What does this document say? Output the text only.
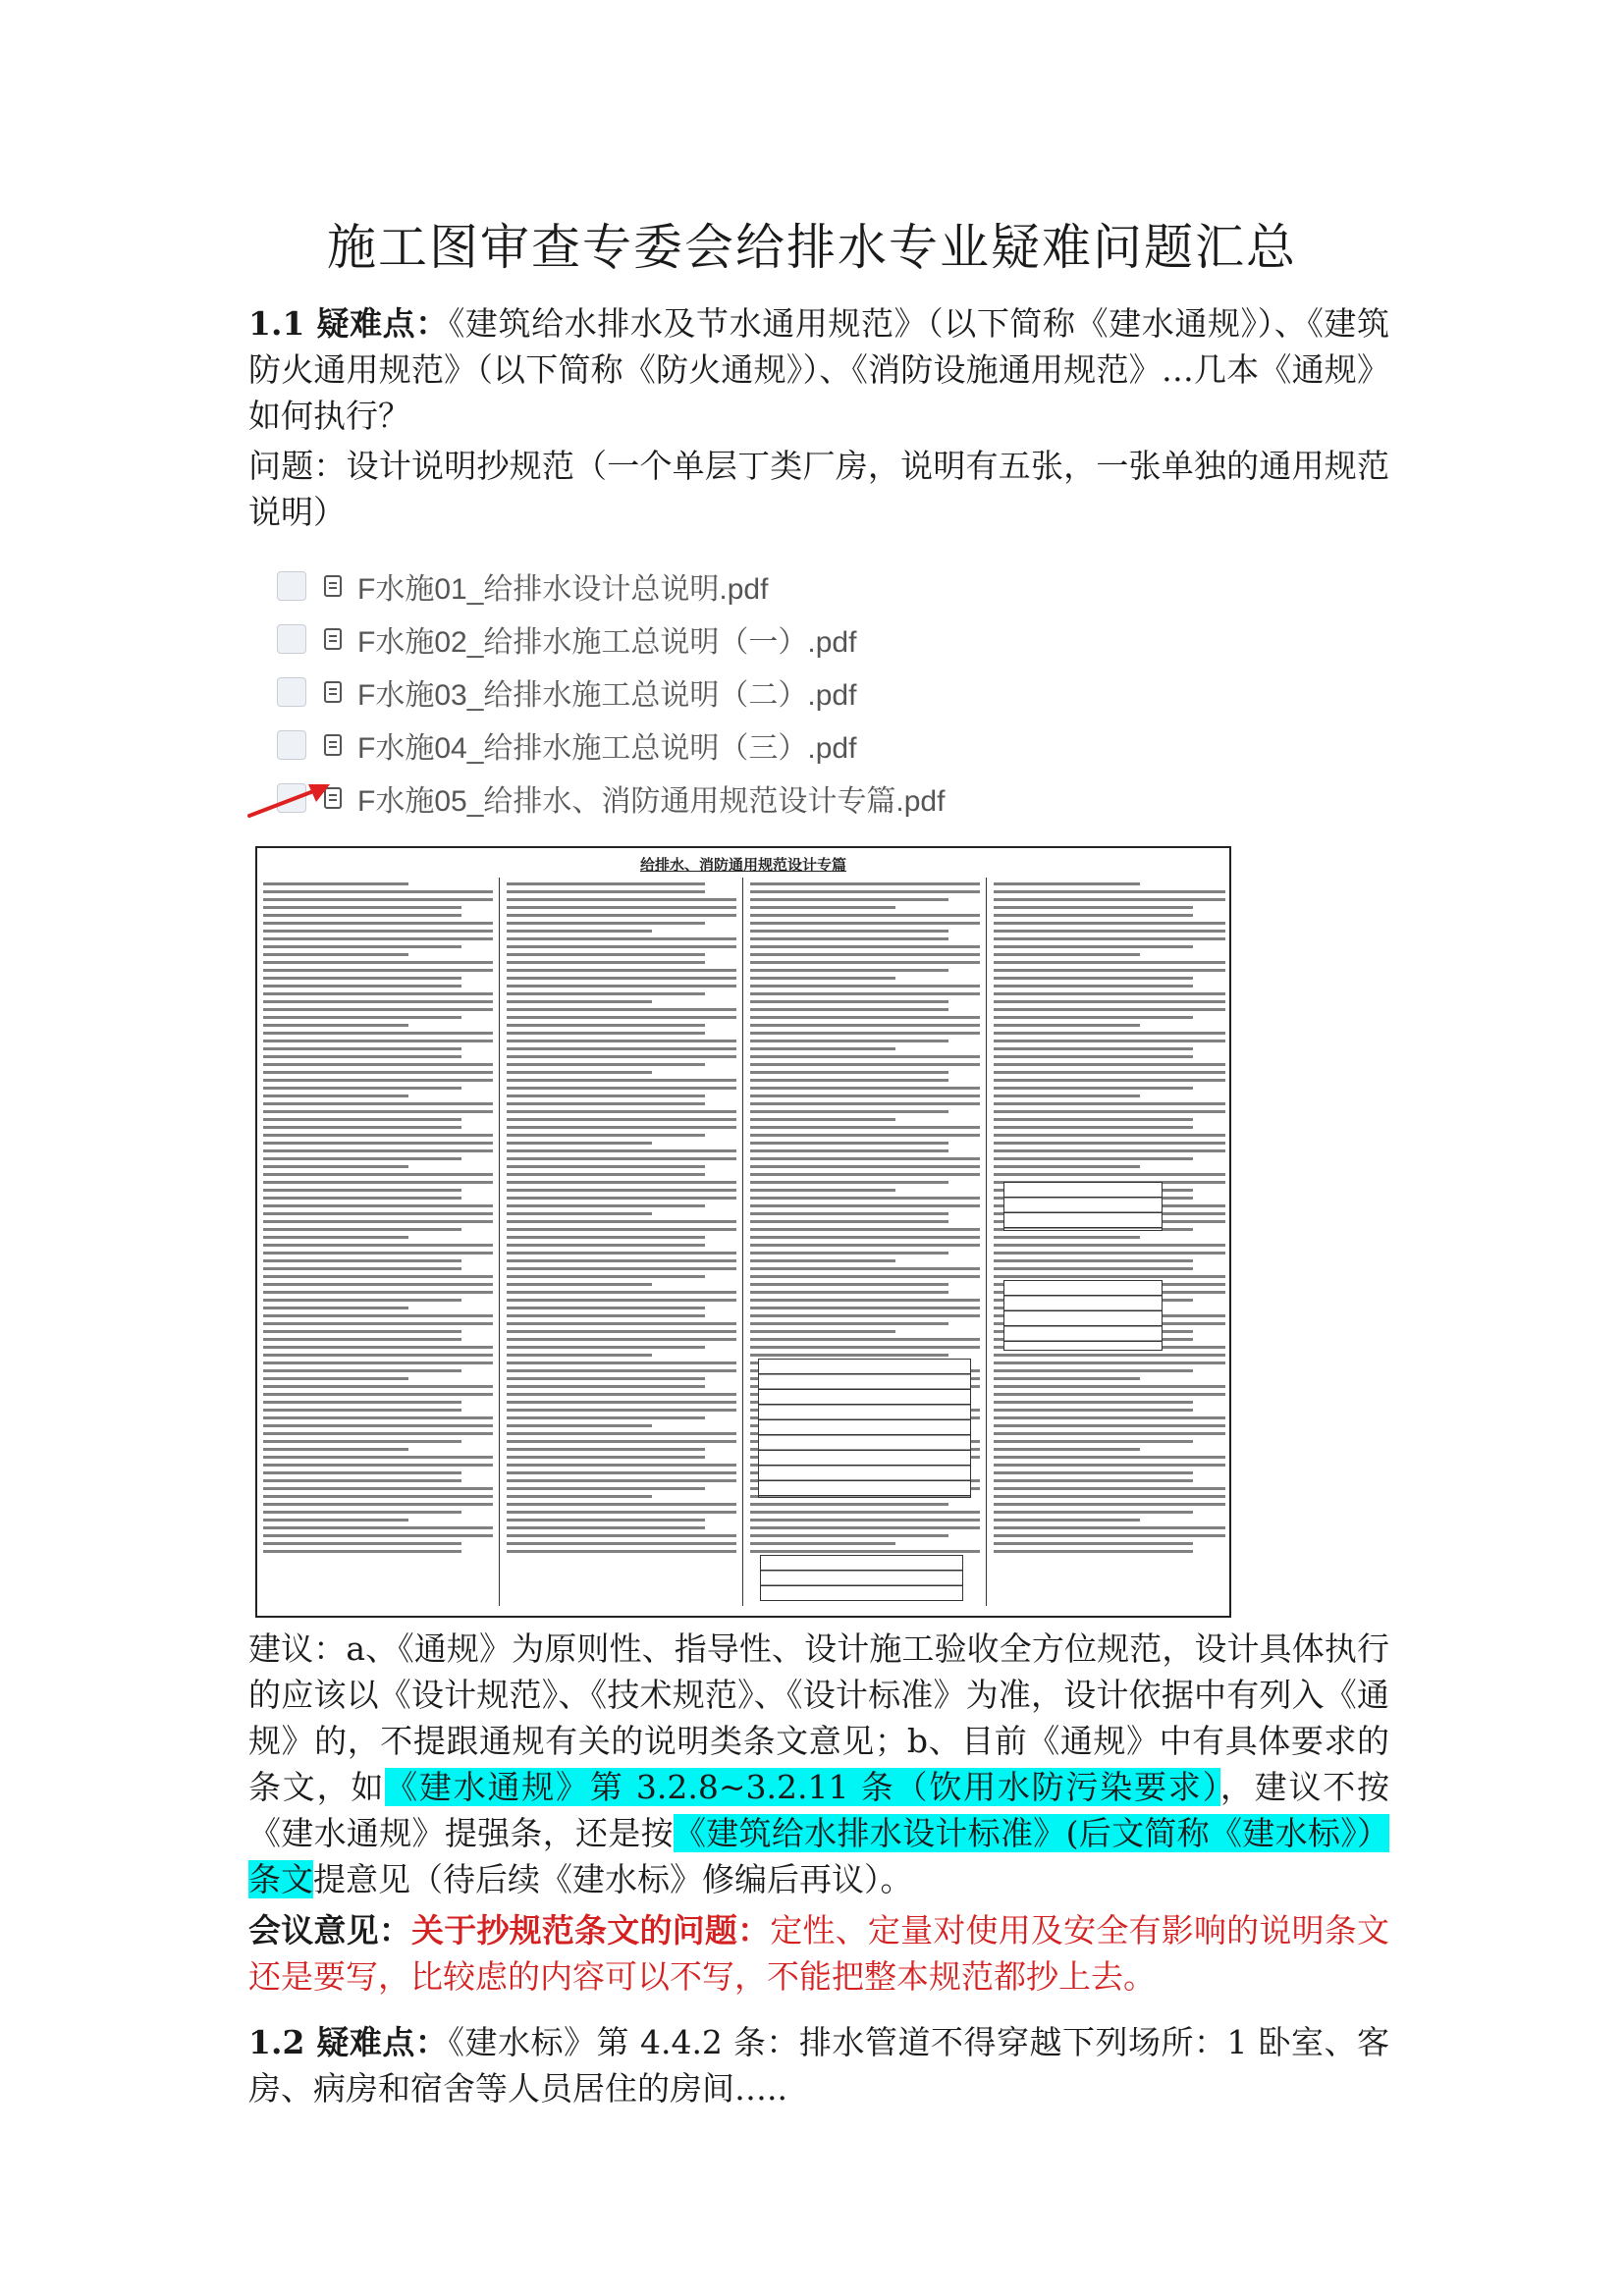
施工图审查专委会给排水专业疑难问题汇总

1.1 疑难点：《建筑给水排水及节水通用规范》（以下简称《建水通规》）、《建筑防火通用规范》（以下简称《防火通规》）、《消防设施通用规范》…几本《通规》如何执行？

问题：设计说明抄规范（一个单层丁类厂房，说明有五张，一张单独的通用规范说明）

F水施01_给排水设计总说明.pdf
F水施02_给排水施工总说明（一）.pdf
F水施03_给排水施工总说明（二）.pdf
F水施04_给排水施工总说明（三）.pdf
F水施05_给排水、消防通用规范设计专篇.pdf
给排水、消防通用规范设计专篇

建议：a、《通规》为原则性、指导性、设计施工验收全方位规范，设计具体执行的应该以《设计规范》、《技术规范》、《设计标准》为准，设计依据中有列入《通规》的，不提跟通规有关的说明类条文意见；b、目前《通规》中有具体要求的条文，如《建水通规》第 3.2.8~3.2.11 条（饮用水防污染要求），建议不按《建水通规》提强条，还是按《建筑给水排水设计标准》(后文简称《建水标》）条文提意见（待后续《建水标》修编后再议）。

会议意见：关于抄规范条文的问题：定性、定量对使用及安全有影响的说明条文还是要写，比较虑的内容可以不写，不能把整本规范都抄上去。

1.2 疑难点：《建水标》第 4.4.2 条：排水管道不得穿越下列场所：1 卧室、客房、病房和宿舍等人员居住的房间…..
